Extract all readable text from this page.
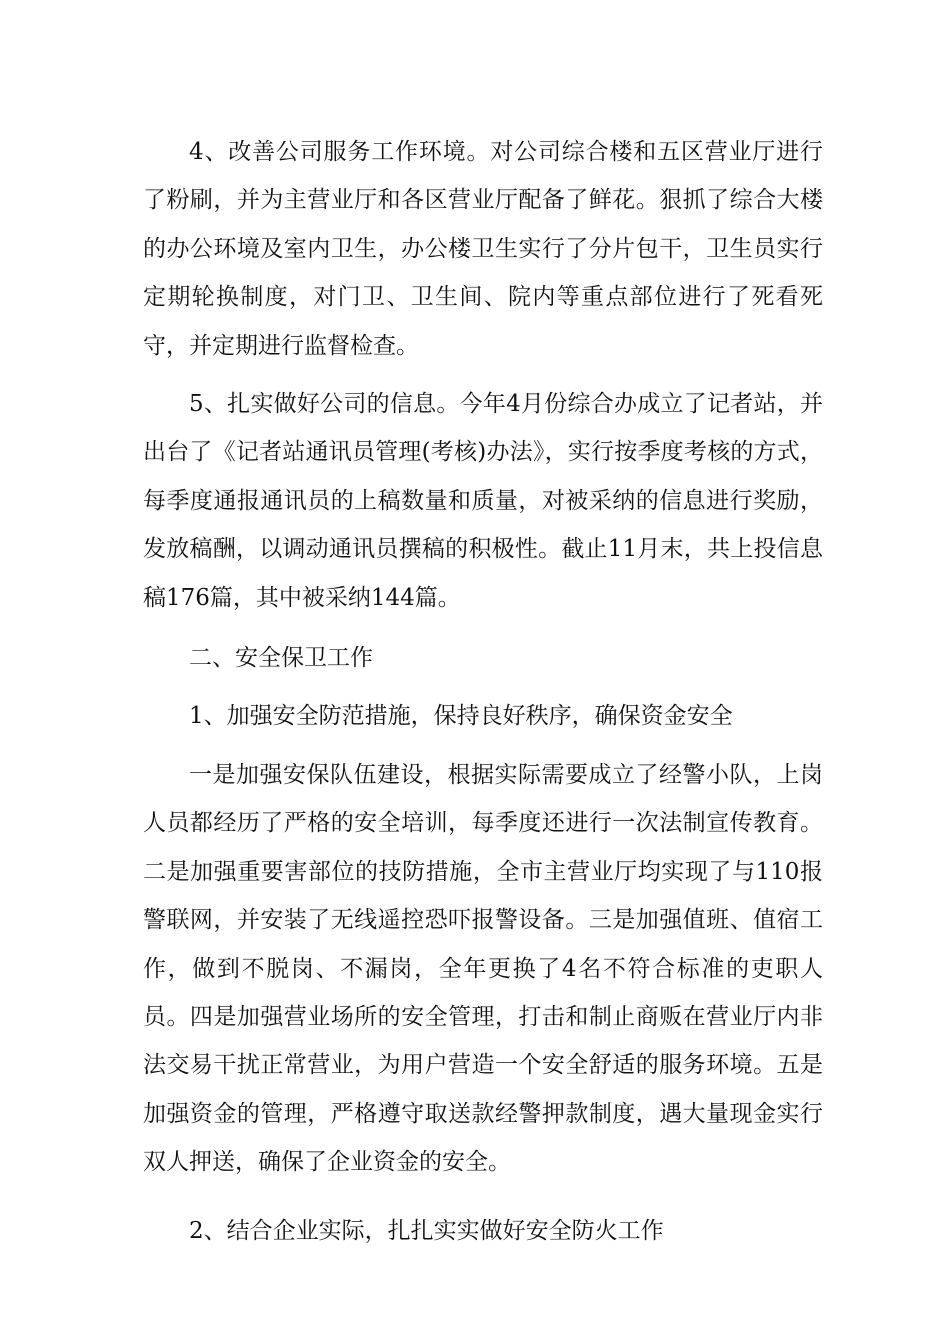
4、改善公司服务工作环境。对公司综合楼和五区营业厅进行了粉刷，并为主营业厅和各区营业厅配备了鲜花。狠抓了综合大楼的办公环境及室内卫生，办公楼卫生实行了分片包干，卫生员实行定期轮换制度，对门卫、卫生间、院内等重点部位进行了死看死守，并定期进行监督检查。

5、扎实做好公司的信息。今年4月份综合办成立了记者站，并出台了《记者站通讯员管理(考核)办法》，实行按季度考核的方式，每季度通报通讯员的上稿数量和质量，对被采纳的信息进行奖励，发放稿酬，以调动通讯员撰稿的积极性。截止11月末，共上投信息稿176篇，其中被采纳144篇。

二、安全保卫工作

1、加强安全防范措施，保持良好秩序，确保资金安全

一是加强安保队伍建设，根据实际需要成立了经警小队，上岗人员都经历了严格的安全培训，每季度还进行一次法制宣传教育。二是加强重要害部位的技防措施，全市主营业厅均实现了与110报警联网，并安装了无线遥控恐吓报警设备。三是加强值班、值宿工作，做到不脱岗、不漏岗，全年更换了4名不符合标准的吏职人员。四是加强营业场所的安全管理，打击和制止商贩在营业厅内非法交易干扰正常营业，为用户营造一个安全舒适的服务环境。五是加强资金的管理，严格遵守取送款经警押款制度，遇大量现金实行双人押送，确保了企业资金的安全。

2、结合企业实际，扎扎实实做好安全防火工作
